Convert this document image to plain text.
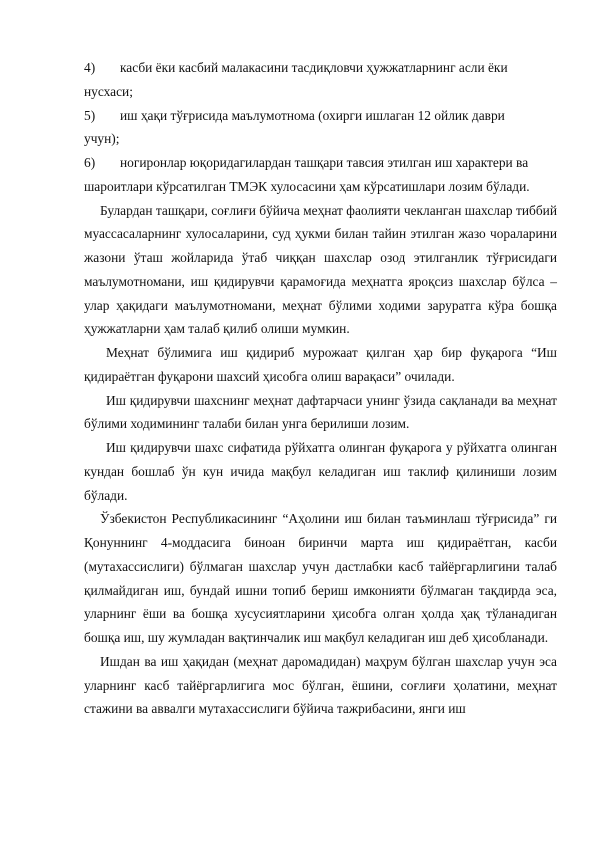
4) касби ёки касбий малакасини тасдиқловчи ҳужжатларнинг асли ёки
нусхаси;
5) иш ҳақи тўғрисида маълумотнома (охирги ишлаган 12 ойлик даври
учун);
6) ногиронлар юқоридагилардан ташқари тавсия этилган иш характери ва
шароитлари кўрсатилган ТМЭК хулосасини ҳам кўрсатишлари лозим бўлади.

Булардан ташқари, соғлиғи бўйича меҳнат фаолияти чекланган шахслар тиббий муассасаларнинг хулосаларини, суд ҳукми билан тайин этилган жазо чораларини жазони ўташ жойларида ўтаб чиққан шахслар озод этилганлик тўғрисидаги маълумотномани, иш қидирувчи қарамоғида меҳнатга яроқсиз шахслар бўлса – улар ҳақидаги маълумотномани, меҳнат бўлими ходими заруратга кўра бошқа ҳужжатларни ҳам талаб қилиб олиши мумкин.

Меҳнат бўлимига иш қидириб мурожаат қилган ҳар бир фуқарога “Иш қидираётган фуқарони шахсий ҳисобга олиш варақаси” очилади.

Иш қидирувчи шахснинг меҳнат дафтарчаси унинг ўзида сақланади ва меҳнат бўлими ходимининг талаби билан унга берилиши лозим.

Иш қидирувчи шахс сифатида рўйхатга олинган фуқарога у рўйхатга олинган кундан бошлаб ўн кун ичида мақбул келадиган иш таклиф қилиниши лозим бўлади.

Ўзбекистон Республикасининг “Аҳолини иш билан таъминлаш тўғрисида” ги Қонуннинг 4-моддасига биноан биринчи марта иш қидираётган, касби (мутахассислиги) бўлмаган шахслар учун дастлабки касб тайёргарлигини талаб қилмайдиган иш, бундай ишни топиб бериш имконияти бўлмаган тақдирда эса, уларнинг ёши ва бошқа хусусиятларини ҳисобга олган ҳолда ҳақ тўланадиган бошқа иш, шу жумладан вақтинчалик иш мақбул келадиган иш деб ҳисобланади.

Ишдан ва иш ҳақидан (меҳнат даромадидан) маҳрум бўлган шахслар учун эса уларнинг касб тайёргарлигига мос бўлган, ёшини, соғлиғи ҳолатини, меҳнат стажини ва аввалги мутахассислиги бўйича тажрибасини, янги иш
